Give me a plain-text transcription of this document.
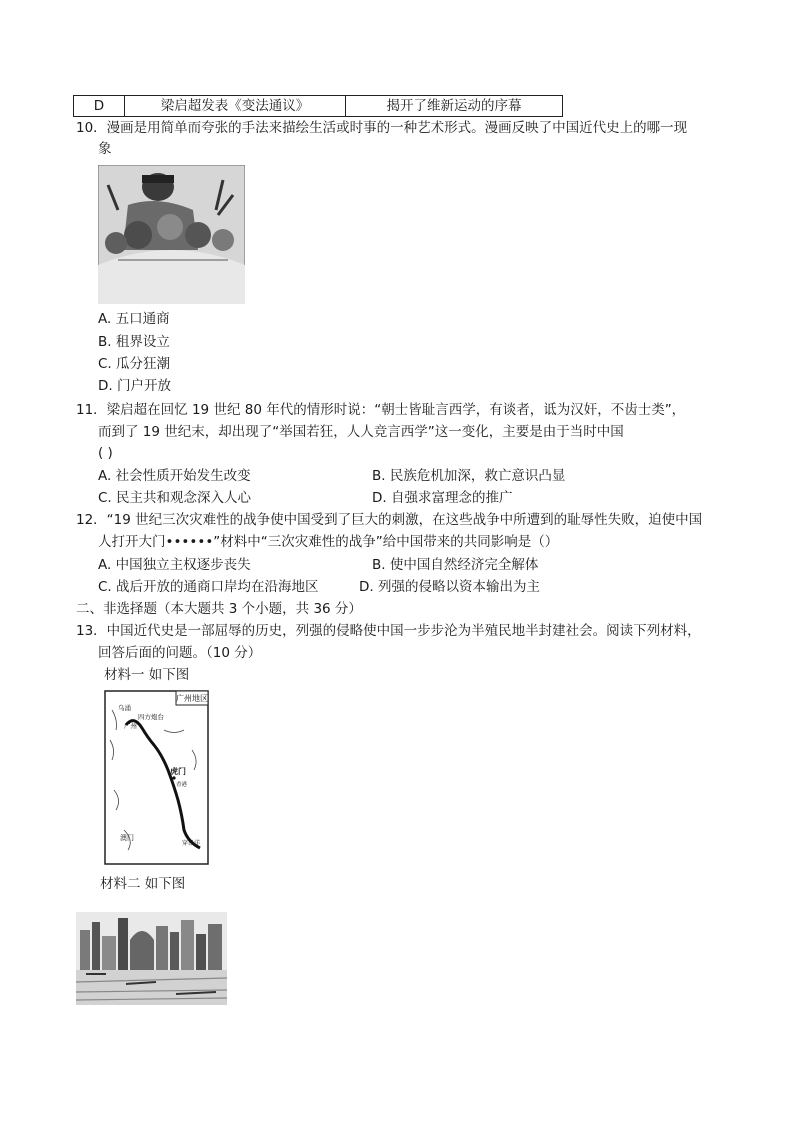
D	梁启超发表《变法通议》	揭开了维新运动的序幕
10．漫画是用简单而夸张的手法来描绘生活或时事的一种艺术形式。漫画反映了中国近代史上的哪一现
象
A. 五口通商
B. 租界设立
C. 瓜分狂潮
D. 门户开放
11．梁启超在回忆 19 世纪 80 年代的情形时说：“朝士皆耻言西学，有谈者，诋为汉奸，不齿士类”，
而到了 19 世纪末，却出现了“举国若狂，人人竞言西学”这一变化，主要是由于当时中国
( )
A. 社会性质开始发生改变	B. 民族危机加深，救亡意识凸显
C. 民主共和观念深入人心	D. 自强求富理念的推广
12．“19 世纪三次灾难性的战争使中国受到了巨大的刺激，在这些战争中所遭到的耻辱性失败，迫使中国
人打开大门••••••”材料中“三次灾难性的战争”给中国带来的共同影响是（）
A. 中国独立主权逐步丧失	B. 使中国自然经济完全解体
C. 战后开放的通商口岸均在沿海地区	D. 列强的侵略以资本输出为主
二、非选择题（本大题共 3 个小题，共 36 分）
13．中国近代史是一部屈辱的历史，列强的侵略使中国一步步沦为半殖民地半封建社会。阅读下列材料，
回答后面的问题。（10 分）
材料一 如下图
广州地区
乌涌
四方炮台
广州
虎门
香港
穿鼻洋
澳门
材料二 如下图
